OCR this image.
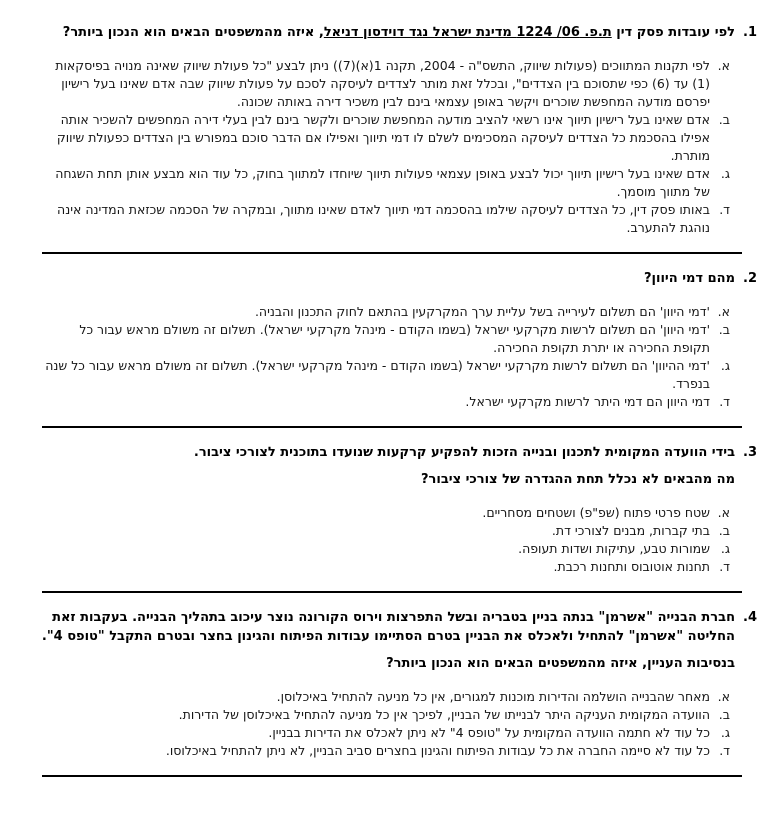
1.

לפי עובדות פסק דין ת.פ. 06/ 1224 מדינת ישראל נגד דוידסון דניאל, איזה מהמשפטים הבאים הוא הנכון ביותר?

א.
לפי תקנות המתווכים (פעולות שיווק, התשס"ה - 2004, תקנה 1(א)(7)) ניתן לבצע "כל פעולת שיווק שאינה מנויה בפיסקאות (1) עד (6) כפי שתסוכם בין הצדדים", ובכלל זאת מותר לצדדים לעיסקה לסכם על פעולת שיווק שבה אדם שאינו בעל רישיון יפרסם מודעה המחפשת שוכרים ויקשר באופן עצמאי בינם לבין משכיר דירה באותה שכונה.
ב.
אדם שאינו בעל רישיון תיווך אינו רשאי להציב מודעה המחפשת שוכרים ולקשר בינם לבין בעלי דירה המחפשים להשכיר אותה אפילו בהסכמת כל הצדדים לעיסקה המסכימים לשלם לו דמי תיווך ואפילו אם הדבר סוכם במפורש בין הצדדים כפעולת שיווק מותרת.
ג.
אדם שאינו בעל רישיון תיווך יכול לבצע באופן עצמאי פעולות תיווך שיוחדו למתווך בחוק, כל עוד הוא מבצע אותן תחת השגחה של מתווך מוסמך.
ד.
באותו פסק דין, כל הצדדים לעיסקה שילמו בהסכמה דמי תיווך לאדם שאינו מתווך, ובמקרה של הסכמה שכזאת המדינה אינה נוהגת להתערב.
2.

מהם דמי היוון?

א.
'דמי היוון' הם תשלום לעירייה בשל עליית ערך המקרקעין בהתאם לחוק התכנון והבניה.
ב.
'דמי היוון' הם תשלום לרשות מקרקעי ישראל (בשמו הקודם - מינהל מקרקעי ישראל). תשלום זה משולם מראש עבור כל תקופת החכירה או יתרת תקופת החכירה.
ג.
'דמי ההיוון' הם תשלום לרשות מקרקעי ישראל (בשמו הקודם - מינהל מקרקעי ישראל). תשלום זה משולם מראש עבור כל שנה בנפרד.
ד.
דמי היוון הם דמי היתר לרשות מקרקעי ישראל.
3.

בידי הוועדה המקומית לתכנון ובנייה הזכות להפקיע קרקעות שנועדו בתוכנית לצורכי ציבור.

מה מהבאים לא נכלל תחת ההגדרה של צורכי ציבור?

א.
שטח פרטי פתוח (שפ"פ) ושטחים מסחריים.
ב.
בתי קברות, מבנים לצורכי דת.
ג.
שמורות טבע, עתיקות ושדות תעופה.
ד.
תחנות אוטובוס ותחנות רכבת.
4.

חברת הבנייה "אשרמן" בנתה בניין בטבריה ובשל התפרצות וירוס הקורונה נוצר עיכוב בתהליך הבנייה. בעקבות זאת החליטה "אשרמן" להתחיל ולאכלס את הבניין בטרם הסתיימו עבודות הפיתוח והגינון בחצר ובטרם התקבל "טופס 4".

בנסיבות העניין, איזה מהמשפטים הבאים הוא הנכון ביותר?

א.
מאחר שהבנייה הושלמה והדירות מוכנות למגורים, אין כל מניעה להתחיל באיכלוסן.
ב.
הוועדה המקומית העניקה היתר לבנייתו של הבניין, לפיכך אין כל מניעה להתחיל באיכלוסן של הדירות.
ג.
כל עוד לא חתמה הוועדה המקומית על "טופס 4" לא ניתן לאכלס את הדירות בבניין.
ד.
כל עוד לא סיימה החברה את כל עבודות הפיתוח והגינון בחצרים סביב הבניין, לא ניתן להתחיל באיכלוסו.
